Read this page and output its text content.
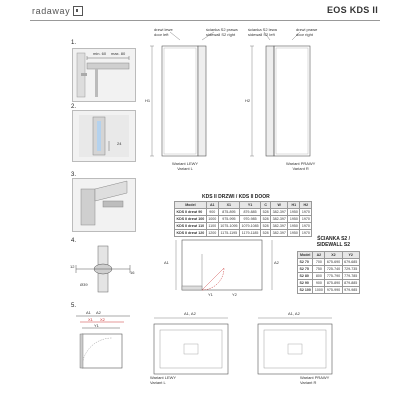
radaway	EOS KDS II
1.
2.
3.
4.
5.
min. 60 max. 80
24
Ø39
12
16
A1 A2
X1 X2
Y1
drzwi lewe
door left
ścianka S2 prawa
sidewall S2 right
ścianka S2 lewa
sidewall S2 left
drzwi prawe
door right
H1	H2
Wariant LEWY
Variant L
Wariant PRAWY
Variant R
KDS II DRZWI / KDS II DOOR
Model	A1	X1	Y1	C	W	H1	H2
KDS II drzwi 90	900	875-895	879-885	528	382-397	1950	1970
KDS II drzwi 100	1000	975-995	970-985	528	382-397	1950	1970
KDS II drzwi 110	1100	1075-1095	1079-1085	528	382-397	1950	1970
KDS II drzwi 120	1200	1175-1195	1179-1185	528	382-397	1950	1970
ŚCIANKA S2 /
SIDEWALL S2
Model	A2	X2	Y2
S2 70	700	675-690	679-685
S2 75	750	725-740	729-735
S2 80	800	775-790	779-785
S2 90	900	875-890	879-885
S2 100	1000	975-990	979-985
A1	A2
Y1	Y2
A1, A2	A1, A2
Wariant LEWY
Variant L
Wariant PRAWY
Variant R
